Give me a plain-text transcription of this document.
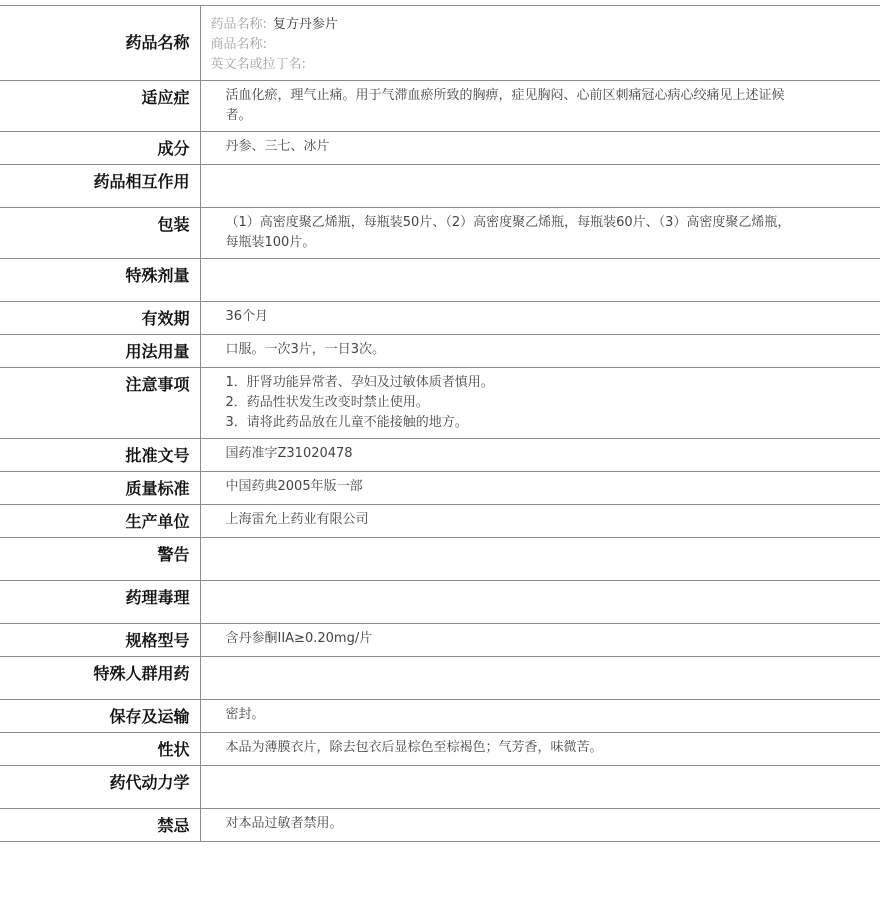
药品名称	药品名称: 复方丹参片
商品名称:
英文名或拉丁名:

适应症	活血化瘀，理气止痛。用于气滞血瘀所致的胸痹，症见胸闷、心前区刺痛冠心病心绞痛见上述证候者。
成分	丹参、三七、冰片
药品相互作用	
包装	（1）高密度聚乙烯瓶，每瓶装50片、（2）高密度聚乙烯瓶，每瓶装60片、（3）高密度聚乙烯瓶，每瓶装100片。
特殊剂量	
有效期	36个月
用法用量	口服。一次3片，一日3次。
注意事项	1．肝肾功能异常者、孕妇及过敏体质者慎用。
2．药品性状发生改变时禁止使用。
3．请将此药品放在儿童不能接触的地方。

批准文号	国药准字Z31020478
质量标准	中国药典2005年版一部
生产单位	上海雷允上药业有限公司
警告	
药理毒理	
规格型号	含丹参酮IIA≥0.20mg/片
特殊人群用药	
保存及运输	密封。
性状	本品为薄膜衣片，除去包衣后显棕色至棕褐色；气芳香，味微苦。
药代动力学	
禁忌	对本品过敏者禁用。
